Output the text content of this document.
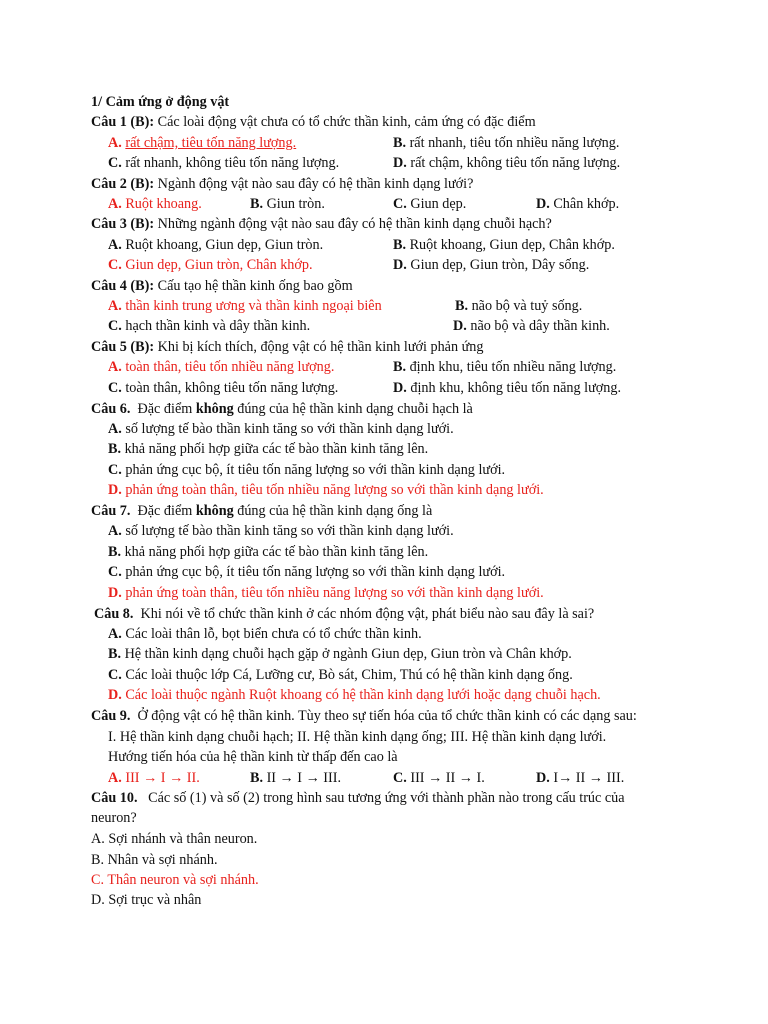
1/ Cảm ứng ở động vật
Câu 1 (B): Các loài động vật chưa có tổ chức thần kinh, cảm ứng có đặc điểm
A. rất chậm, tiêu tốn năng lượng.	B. rất nhanh, tiêu tốn nhiều năng lượng.
C. rất nhanh, không tiêu tốn năng lượng.	D. rất chậm, không tiêu tốn năng lượng.
Câu 2 (B): Ngành động vật nào sau đây có hệ thần kinh dạng lưới?
A. Ruột khoang.	B. Giun tròn.	C. Giun dẹp.	D. Chân khớp.
Câu 3 (B): Những ngành động vật nào sau đây có hệ thần kinh dạng chuỗi hạch?
A. Ruột khoang, Giun dẹp, Giun tròn.	B. Ruột khoang, Giun dẹp, Chân khớp.
C. Giun dẹp, Giun tròn, Chân khớp.	D. Giun dẹp, Giun tròn, Dây sống.
Câu 4 (B): Cấu tạo hệ thần kinh ống bao gồm
A. thần kinh trung ương và thần kinh ngoại biên	B. não bộ và tuỷ sống.
C. hạch thần kinh và dây thần kinh.	D. não bộ và dây thần kinh.
Câu 5 (B): Khi bị kích thích, động vật có hệ thần kinh lưới phản ứng
A. toàn thân, tiêu tốn nhiều năng lượng.	B. định khu, tiêu tốn nhiều năng lượng.
C. toàn thân, không tiêu tốn năng lượng.	D. định khu, không tiêu tốn năng lượng.
Câu 6. Đặc điểm không đúng của hệ thần kinh dạng chuỗi hạch là
A. số lượng tế bào thần kinh tăng so với thần kinh dạng lưới.
B. khả năng phối hợp giữa các tế bào thần kinh tăng lên.
C. phản ứng cục bộ, ít tiêu tốn năng lượng so với thần kinh dạng lưới.
D. phản ứng toàn thân, tiêu tốn nhiều năng lượng so với thần kinh dạng lưới.
Câu 7. Đặc điểm không đúng của hệ thần kinh dạng ống là
A. số lượng tế bào thần kinh tăng so với thần kinh dạng lưới.
B. khả năng phối hợp giữa các tế bào thần kinh tăng lên.
C. phản ứng cục bộ, ít tiêu tốn năng lượng so với thần kinh dạng lưới.
D. phản ứng toàn thân, tiêu tốn nhiều năng lượng so với thần kinh dạng lưới.
Câu 8. Khi nói về tổ chức thần kinh ở các nhóm động vật, phát biểu nào sau đây là sai?
A. Các loài thân lỗ, bọt biển chưa có tổ chức thần kinh.
B. Hệ thần kinh dạng chuỗi hạch gặp ở ngành Giun dẹp, Giun tròn và Chân khớp.
C. Các loài thuộc lớp Cá, Lưỡng cư, Bò sát, Chim, Thú có hệ thần kinh dạng ống.
D. Các loài thuộc ngành Ruột khoang có hệ thần kinh dạng lưới hoặc dạng chuỗi hạch.
Câu 9. Ở động vật có hệ thần kinh. Tùy theo sự tiến hóa của tổ chức thần kinh có các dạng sau:
I. Hệ thần kinh dạng chuỗi hạch; II. Hệ thần kinh dạng ống; III. Hệ thần kinh dạng lưới.
Hướng tiến hóa của hệ thần kinh từ thấp đến cao là
A. III → I → II.	B. II → I → III.	C. III → II → I.	D. I→ II → III.
Câu 10. Các số (1) và số (2) trong hình sau tương ứng với thành phần nào trong cấu trúc của
neuron?
A. Sợi nhánh và thân neuron.
B. Nhân và sợi nhánh.
C. Thân neuron và sợi nhánh.
D. Sợi trục và nhân
